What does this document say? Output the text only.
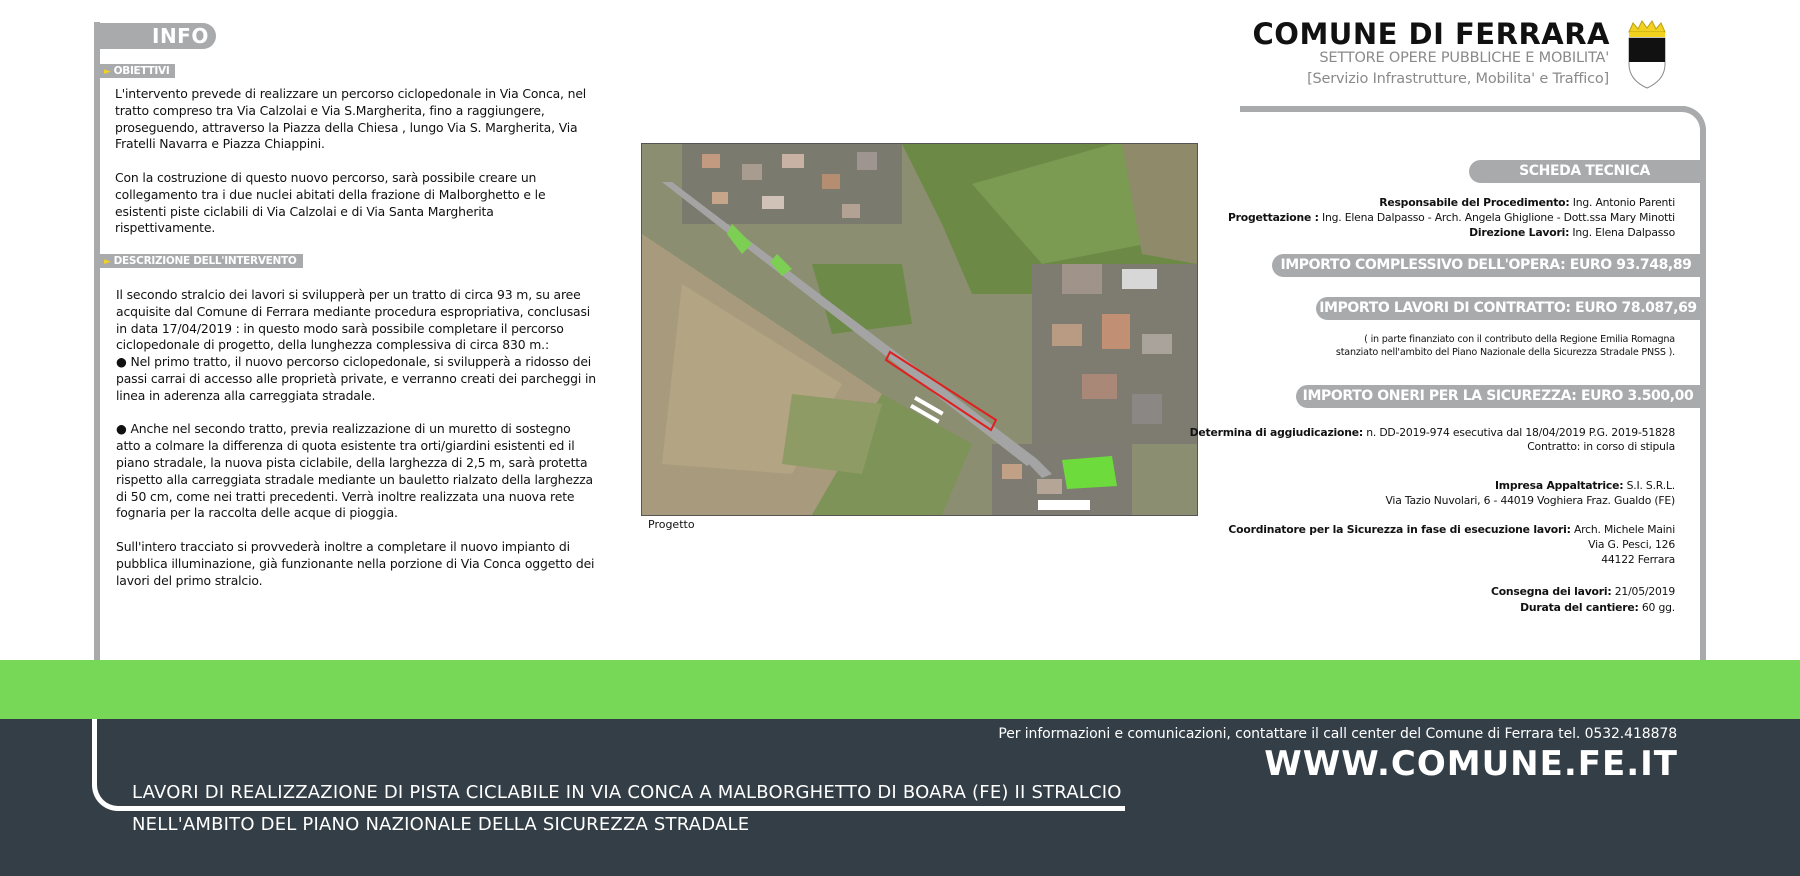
INFO
► OBIETTIVI

L'intervento prevede di realizzare un percorso ciclopedonale in Via Conca, nel tratto compreso tra Via Calzolai e Via S.Margherita, fino a raggiungere, proseguendo, attraverso la Piazza della Chiesa , lungo Via S. Margherita, Via Fratelli Navarra e Piazza Chiappini.

Con la costruzione di questo nuovo percorso, sarà possibile creare un collegamento tra i due nuclei abitati della frazione di Malborghetto e le esistenti piste ciclabili di Via Calzolai e di Via Santa Margherita rispettivamente.

► DESCRIZIONE DELL'INTERVENTO
Il secondo stralcio dei lavori si svilupperà per un tratto di circa 93 m, su aree acquisite dal Comune di Ferrara mediante procedura espropriativa, conclusasi in data 17/04/2019 : in questo modo sarà possibile completare il percorso ciclopedonale di progetto, della lunghezza complessiva di circa 830 m.:

● Nel primo tratto, il nuovo percorso ciclopedonale, si svilupperà a ridosso dei passi carrai di accesso alle proprietà private, e verranno creati dei parcheggi in linea in aderenza alla carreggiata stradale.

● Anche nel secondo tratto, previa realizzazione di un muretto di sostegno atto a colmare la differenza di quota esistente tra orti/giardini esistenti ed il piano stradale, la nuova pista ciclabile, della larghezza di 2,5 m, sarà protetta rispetto alla carreggiata stradale mediante un bauletto rialzato della larghezza di 50 cm, come nei tratti precedenti. Verrà inoltre realizzata una nuova rete fognaria per la raccolta delle acque di pioggia.

Sull'intero tracciato si provvederà inoltre a completare il nuovo impianto di pubblica illuminazione, già funzionante nella porzione di Via Conca oggetto dei lavori del primo stralcio.

Progetto
COMUNE DI FERRARA
SETTORE OPERE PUBBLICHE E MOBILITA'
[Servizio Infrastrutture, Mobilita' e Traffico]
SCHEDA TECNICA
Responsabile del Procedimento: Ing. Antonio Parenti
Progettazione : Ing. Elena Dalpasso - Arch. Angela Ghiglione - Dott.ssa Mary Minotti
Direzione Lavori: Ing. Elena Dalpasso
IMPORTO COMPLESSIVO DELL'OPERA: EURO 93.748,89
IMPORTO LAVORI DI CONTRATTO: EURO 78.087,69
( in parte finanziato con il contributo della Regione Emilia Romagna
stanziato nell'ambito del Piano Nazionale della Sicurezza Stradale PNSS ).
IMPORTO ONERI PER LA SICUREZZA: EURO 3.500,00
Determina di aggiudicazione: n. DD-2019-974 esecutiva dal 18/04/2019 P.G. 2019-51828
Contratto: in corso di stipula
Impresa Appaltatrice: S.I. S.R.L.
Via Tazio Nuvolari, 6 - 44019 Voghiera Fraz. Gualdo (FE)
Coordinatore per la Sicurezza in fase di esecuzione lavori: Arch. Michele Maini
Via G. Pesci, 126
44122 Ferrara
Consegna dei lavori: 21/05/2019
Durata del cantiere: 60 gg.
Per informazioni e comunicazioni, contattare il call center del Comune di Ferrara tel. 0532.418878
WWW.COMUNE.FE.IT
LAVORI DI REALIZZAZIONE DI PISTA CICLABILE IN VIA CONCA A MALBORGHETTO DI BOARA (FE) II STRALCIO
NELL'AMBITO DEL PIANO NAZIONALE DELLA SICUREZZA STRADALE
